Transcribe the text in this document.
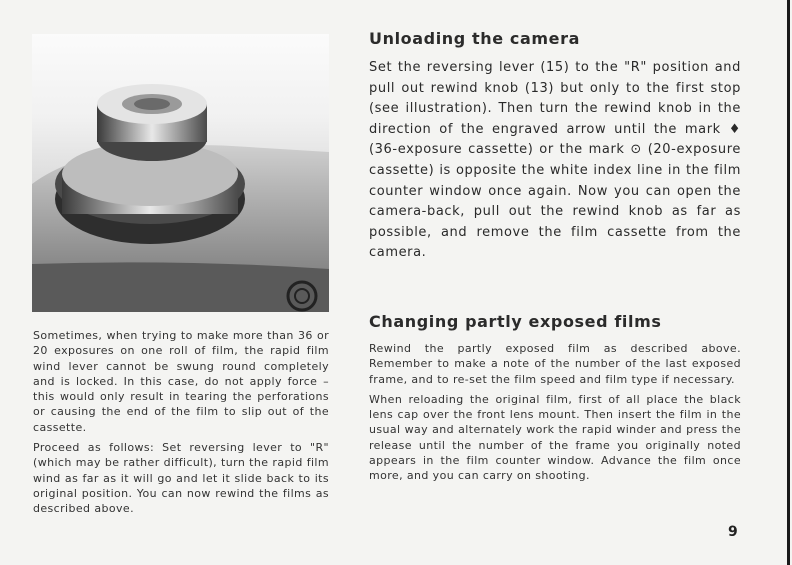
Sometimes, when trying to make more than 36 or 20 exposures on one roll of film, the rapid film wind lever cannot be swung round completely and is locked. In this case, do not apply force – this would only result in tearing the perforations or causing the end of the film to slip out of the cassette.

Proceed as follows: Set reversing lever to "R" (which may be rather difficult), turn the rapid film wind as far as it will go and let it slide back to its original position. You can now rewind the films as described above.

Unloading the camera

Set the reversing lever (15) to the "R" position and pull out rewind knob (13) but only to the first stop (see illustration). Then turn the rewind knob in the direction of the engraved arrow until the mark ♦ (36-exposure cassette) or the mark ⊙ (20-exposure cassette) is opposite the white index line in the film counter window once again. Now you can open the camera-back, pull out the rewind knob as far as possible, and remove the film cassette from the camera.

Changing partly exposed films

Rewind the partly exposed film as described above. Remember to make a note of the number of the last exposed frame, and to re-set the film speed and film type if necessary.

When reloading the original film, first of all place the black lens cap over the front lens mount. Then insert the film in the usual way and alternately work the rapid winder and press the release until the number of the frame you originally noted appears in the film counter window. Advance the film once more, and you can carry on shooting.

9
